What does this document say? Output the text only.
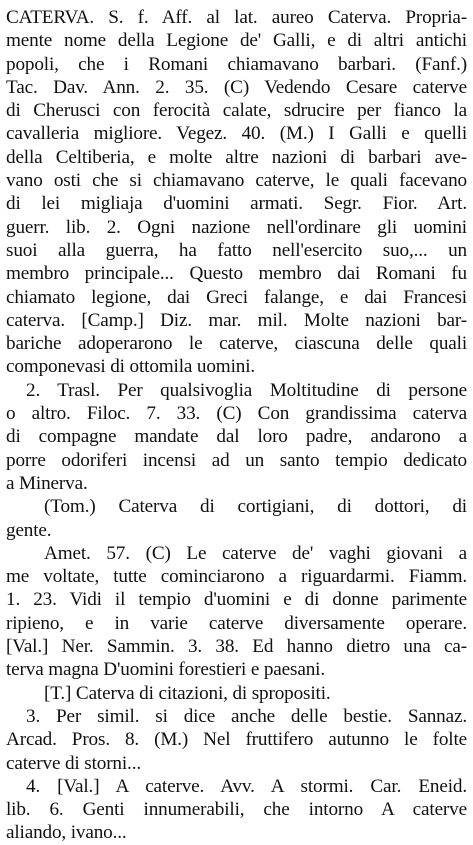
CATERVA. S. f. Aff. al lat. aureo Caterva. Propria-
mente nome della Legione de' Galli, e di altri antichi
popoli, che i Romani chiamavano barbari. (Fanf.)
Tac. Dav. Ann. 2. 35. (C) Vedendo Cesare caterve
di Cherusci con ferocità calate, sdrucire per fianco la
cavalleria migliore. Vegez. 40. (M.) I Galli e quelli
della Celtiberia, e molte altre nazioni di barbari ave-
vano osti che si chiamavano caterve, le quali facevano
di lei migliaja d'uomini armati. Segr. Fior. Art.
guerr. lib. 2. Ogni nazione nell'ordinare gli uomini
suoi alla guerra, ha fatto nell'esercito suo,... un
membro principale... Questo membro dai Romani fu
chiamato legione, dai Greci falange, e dai Francesi
caterva. [Camp.] Diz. mar. mil. Molte nazioni bar-
bariche adoperarono le caterve, ciascuna delle quali
componevasi di ottomila uomini.
2. Trasl. Per qualsivoglia Moltitudine di persone
o altro. Filoc. 7. 33. (C) Con grandissima caterva
di compagne mandate dal loro padre, andarono a
porre odoriferi incensi ad un santo tempio dedicato
a Minerva.
(Tom.) Caterva di cortigiani, di dottori, di
gente.
Amet. 57. (C) Le caterve de' vaghi giovani a
me voltate, tutte cominciarono a riguardarmi. Fiamm.
1. 23. Vidi il tempio d'uomini e di donne parimente
ripieno, e in varie caterve diversamente operare.
[Val.] Ner. Sammin. 3. 38. Ed hanno dietro una ca-
terva magna D'uomini forestieri e paesani.
[T.] Caterva di citazioni, di spropositi.
3. Per simil. si dice anche delle bestie. Sannaz.
Arcad. Pros. 8. (M.) Nel fruttifero autunno le folte
caterve di storni...
4. [Val.] A caterve. Avv. A stormi. Car. Eneid.
lib. 6. Genti innumerabili, che intorno A caterve
aliando, ivano...
